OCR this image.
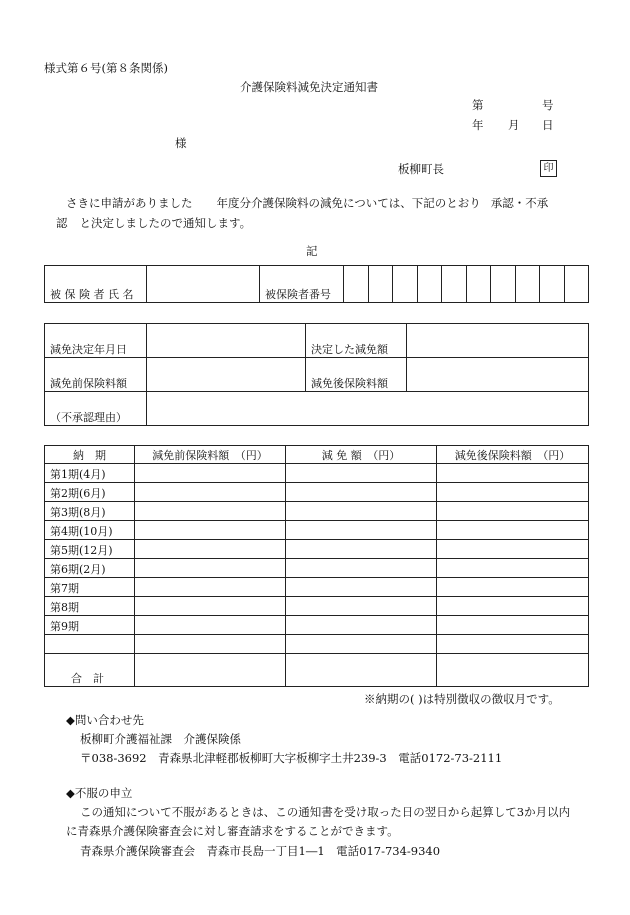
様式第６号(第８条関係)
介護保険料減免決定通知書
第	号
年 月 日
様
板柳町長	印
さきに申請がありました 年度分介護保険料の減免については、下記のとおり 承認・不承
認 と決定しましたので通知します。
記
被 保 険 者 氏 名		被保険者番号										
減免決定年月日		決定した減免額	
減免前保険料額		減免後保険料額	
（不承認理由）			
納　期	減免前保険料額　（円）	減 免 額　（円）	減免後保険料額　（円）
第1期(4月)			
第2期(6月)			
第3期(8月)			
第4期(10月)			
第5期(12月)			
第6期(2月)			
第7期			
第8期			
第9期			

合　計			
※納期の( )は特別徴収の徴収月です。
◆問い合わせ先
板柳町介護福祉課　介護保険係
〒038-3692　青森県北津軽郡板柳町大字板柳字土井239-3　電話0172-73-2111
◆不服の申立
この通知について不服があるときは、この通知書を受け取った日の翌日から起算して3か月以内
に青森県介護保険審査会に対し審査請求をすることができます。
青森県介護保険審査会　青森市長島一丁目1―1　電話017-734-9340
